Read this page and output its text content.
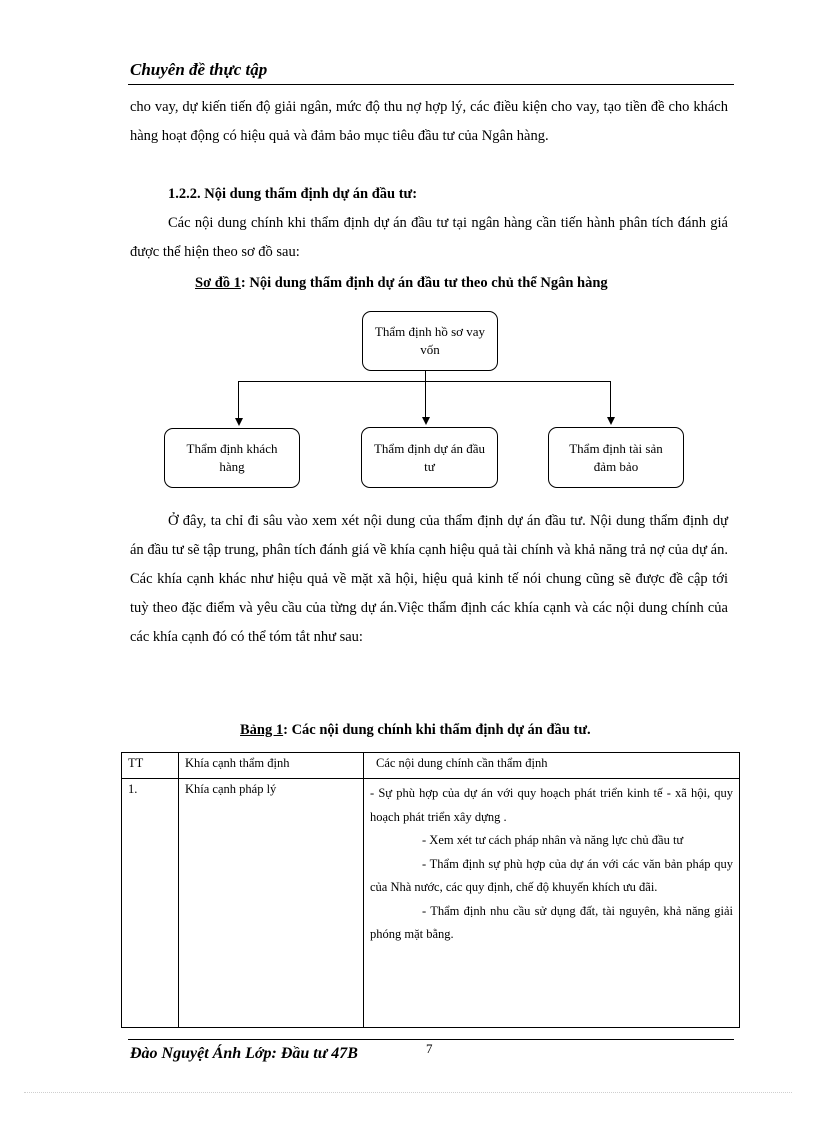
Chuyên đề thực tập

cho vay, dự kiến tiến độ giải ngân, mức độ thu nợ hợp lý, các điều kiện cho vay, tạo tiền đề cho khách hàng hoạt động có hiệu quả và đảm bảo mục tiêu đầu tư của Ngân hàng.

1.2.2. Nội dung thẩm định dự án đầu tư:

Các nội dung chính khi thẩm định dự án đầu tư tại ngân hàng cần tiến hành phân tích đánh giá được thể hiện theo sơ đồ sau:

Sơ đồ 1: Nội dung thẩm định dự án đầu tư theo chủ thể Ngân hàng
Thẩm định hồ sơ vay vốn
Thẩm định khách hàng
Thẩm định dự án đầu tư
Thẩm định tài sản đảm bảo

Ở đây, ta chỉ đi sâu vào xem xét nội dung của thẩm định dự án đầu tư. Nội dung thẩm định dự án đầu tư sẽ tập trung, phân tích đánh giá về khía cạnh hiệu quả tài chính và khả năng trả nợ của dự án. Các khía cạnh khác như hiệu quả về mặt xã hội, hiệu quả kinh tế nói chung cũng sẽ được đề cập tới tuỳ theo đặc điểm và yêu cầu của từng dự án.Việc thẩm định các khía cạnh và các nội dung chính của các khía cạnh đó có thể tóm tắt như sau:

Bảng 1: Các nội dung chính khi thẩm định dự án đầu tư.
TT	Khía cạnh thẩm định	Các nội dung chính cần thẩm định
1.	Khía cạnh pháp lý	- Sự phù hợp của dự án với quy hoạch phát triển kinh tế - xã hội, quy hoạch phát triển xây dựng .
- Xem xét tư cách pháp nhân và năng lực chủ đầu tư
- Thẩm định sự phù hợp của dự án với các văn bản pháp quy của Nhà nước, các quy định, chế độ khuyến khích ưu đãi.
- Thẩm định nhu cầu sử dụng đất, tài nguyên, khả năng giải phóng mặt bằng.
Đào Nguyệt Ánh Lớp: Đầu tư 47B	7
